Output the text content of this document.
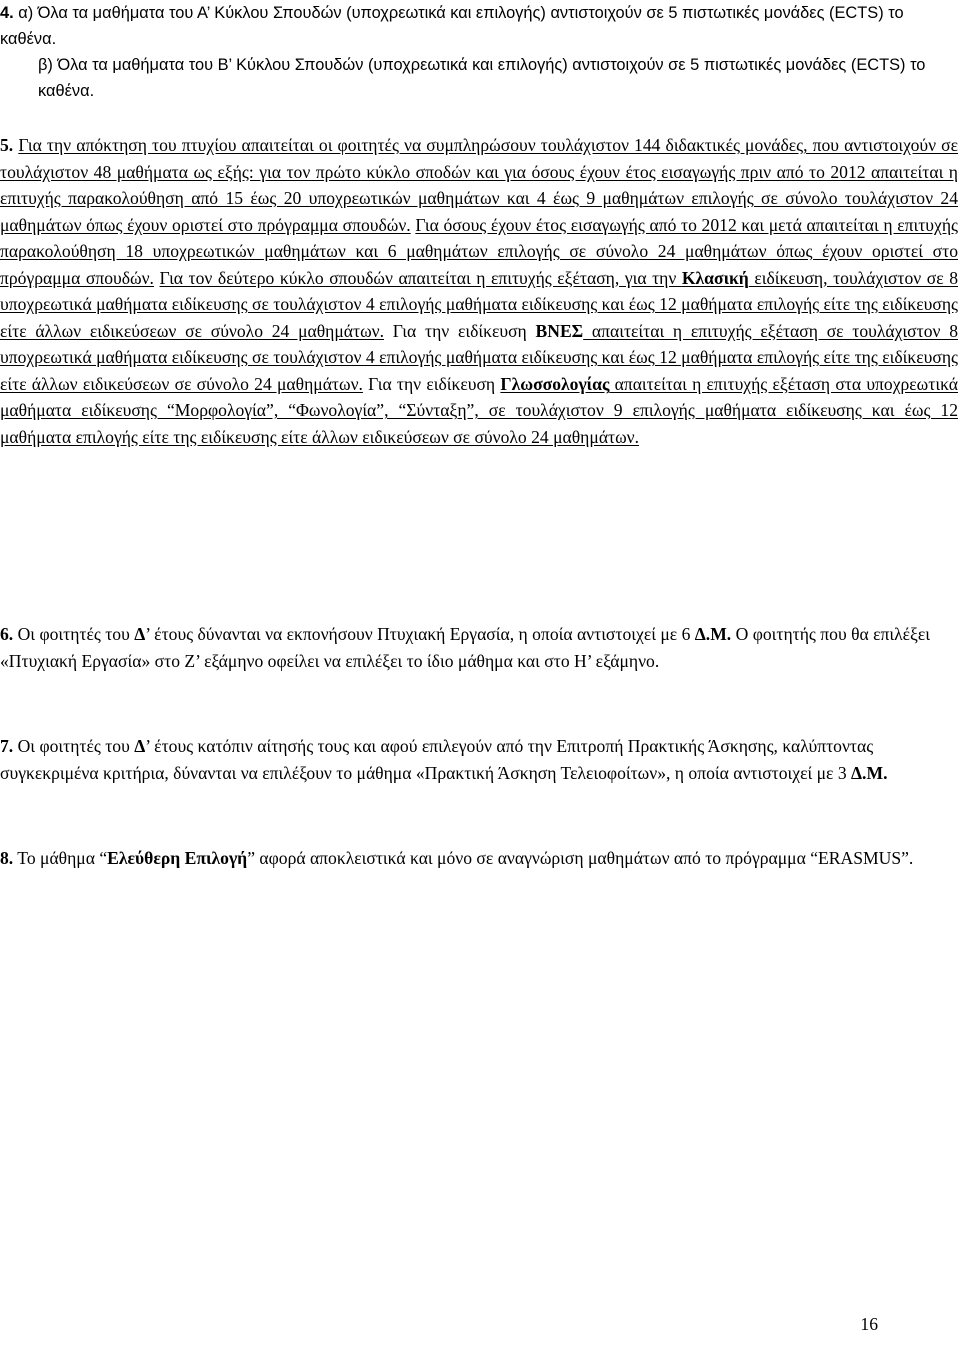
4. α) Όλα τα μαθήματα του Α’ Κύκλου Σπουδών (υποχρεωτικά και επιλογής) αντιστοιχούν σε 5 πιστωτικές μονάδες (ECTS) το καθένα.

β) Όλα τα μαθήματα του Β’ Κύκλου Σπουδών (υποχρεωτικά και επιλογής) αντιστοιχούν σε 5 πιστωτικές μονάδες (ECTS) το καθένα.

5. Για την απόκτηση του πτυχίου απαιτείται οι φοιτητές να συμπληρώσουν τουλάχιστον 144 διδακτικές μονάδες, που αντιστοιχούν σε τουλάχιστον 48 μαθήματα ως εξής: για τον πρώτο κύκλο σποδών και για όσους έχουν έτος εισαγωγής πριν από το 2012 απαιτείται η επιτυχής παρακολούθηση από 15 έως 20 υποχρεωτικών μαθημάτων και 4 έως 9 μαθημάτων επιλογής σε σύνολο τουλάχιστον 24 μαθημάτων όπως έχουν οριστεί στο πρόγραμμα σπουδών. Για όσους έχουν έτος εισαγωγής από το 2012 και μετά απαιτείται η επιτυχής παρακολούθηση 18 υποχρεωτικών μαθημάτων και 6 μαθημάτων επιλογής σε σύνολο 24 μαθημάτων όπως έχουν οριστεί στο πρόγραμμα σπουδών. Για τον δεύτερο κύκλο σπουδών απαιτείται η επιτυχής εξέταση, για την Κλασική ειδίκευση, τουλάχιστον σε 8 υποχρεωτικά μαθήματα ειδίκευσης σε τουλάχιστον 4 επιλογής μαθήματα ειδίκευσης και έως 12 μαθήματα επιλογής είτε της ειδίκευσης είτε άλλων ειδικεύσεων σε σύνολο 24 μαθημάτων. Για την ειδίκευση ΒΝΕΣ απαιτείται η επιτυχής εξέταση σε τουλάχιστον 8 υποχρεωτικά μαθήματα ειδίκευσης σε τουλάχιστον 4 επιλογής μαθήματα ειδίκευσης και έως 12 μαθήματα επιλογής είτε της ειδίκευσης είτε άλλων ειδικεύσεων σε σύνολο 24 μαθημάτων. Για την ειδίκευση Γλωσσολογίας απαιτείται η επιτυχής εξέταση στα υποχρεωτικά μαθήματα ειδίκευσης “Μορφολογία”, “Φωνολογία”, “Σύνταξη”, σε τουλάχιστον 9 επιλογής μαθήματα ειδίκευσης και έως 12 μαθήματα επιλογής είτε της ειδίκευσης είτε άλλων ειδικεύσεων σε σύνολο 24 μαθημάτων.

6. Οι φοιτητές του Δ’ έτους δύνανται να εκπονήσουν Πτυχιακή Εργασία, η οποία αντιστοιχεί με 6 Δ.Μ. Ο φοιτητής που θα επιλέξει «Πτυχιακή Εργασία» στο Ζ’ εξάμηνο οφείλει να επιλέξει το ίδιο μάθημα και στο Η’ εξάμηνο.

7. Οι φοιτητές του Δ’ έτους κατόπιν αίτησής τους και αφού επιλεγούν από την Επιτροπή Πρακτικής Άσκησης, καλύπτοντας συγκεκριμένα κριτήρια, δύνανται να επιλέξουν το μάθημα «Πρακτική Άσκηση Τελειοφοίτων», η οποία αντιστοιχεί με 3 Δ.Μ.

8. Το μάθημα “Ελεύθερη Επιλογή” αφορά αποκλειστικά και μόνο σε αναγνώριση μαθημάτων από το πρόγραμμα “ERASMUS”.

16
